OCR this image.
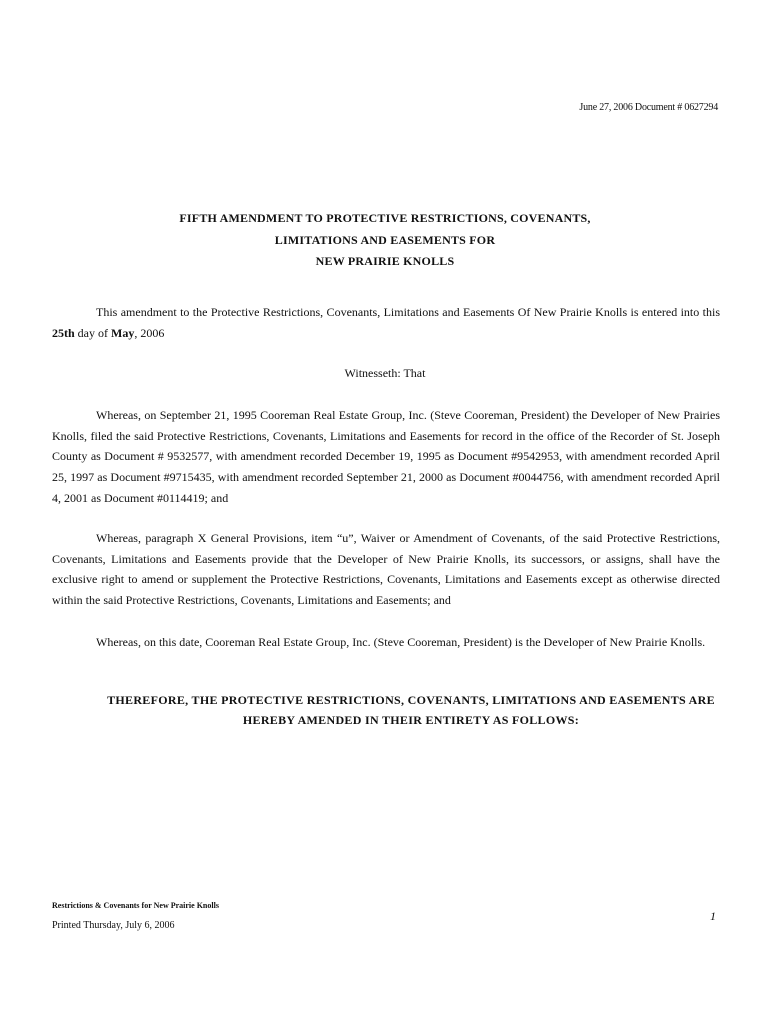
June 27, 2006 Document # 0627294
FIFTH AMENDMENT TO PROTECTIVE RESTRICTIONS, COVENANTS,
LIMITATIONS AND EASEMENTS FOR
NEW PRAIRIE KNOLLS
This amendment to the Protective Restrictions, Covenants, Limitations and Easements Of New Prairie Knolls is entered into this 25th day of May, 2006
Witnesseth: That
Whereas, on September 21, 1995 Cooreman Real Estate Group, Inc. (Steve Cooreman, President) the Developer of New Prairies Knolls, filed the said Protective Restrictions, Covenants, Limitations and Easements for record in the office of the Recorder of St. Joseph County as Document # 9532577, with amendment recorded December 19, 1995 as Document #9542953, with amendment recorded April 25, 1997 as Document #9715435, with amendment recorded September 21, 2000 as Document #0044756, with amendment recorded April 4, 2001 as Document #0114419; and
Whereas, paragraph X General Provisions, item “u”, Waiver or Amendment of Covenants, of the said Protective Restrictions, Covenants, Limitations and Easements provide that the Developer of New Prairie Knolls, its successors, or assigns, shall have the exclusive right to amend or supplement the Protective Restrictions, Covenants, Limitations and Easements except as otherwise directed within the said Protective Restrictions, Covenants, Limitations and Easements; and
Whereas, on this date, Cooreman Real Estate Group, Inc. (Steve Cooreman, President) is the Developer of New Prairie Knolls.
THEREFORE, THE PROTECTIVE RESTRICTIONS, COVENANTS, LIMITATIONS AND EASEMENTS ARE
HEREBY AMENDED IN THEIR ENTIRETY AS FOLLOWS:
Restrictions & Covenants for New Prairie Knolls
Printed Thursday, July 6, 2006
1
